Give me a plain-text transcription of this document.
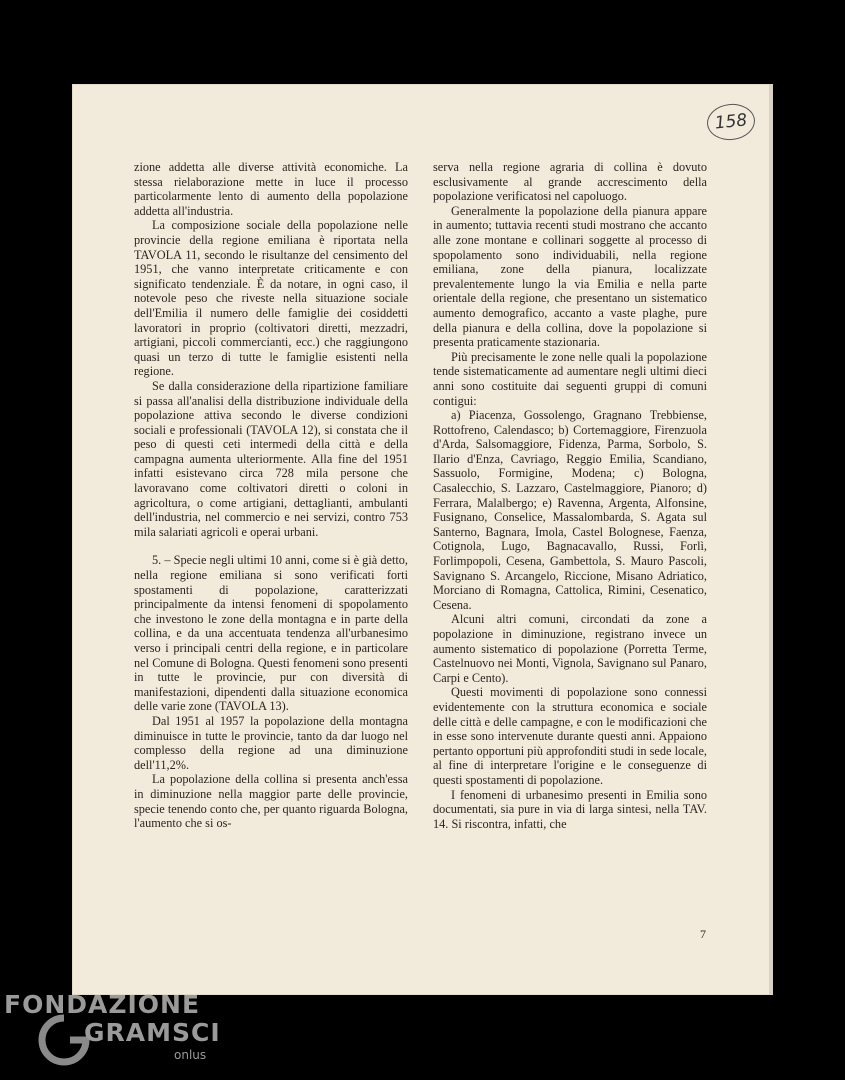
158

zione addetta alle diverse attività economiche. La stessa rielaborazione mette in luce il processo particolarmente lento di aumento della popolazione addetta all'industria.

La composizione sociale della popolazione nelle provincie della regione emiliana è riportata nella TAVOLA 11, secondo le risultanze del censimento del 1951, che vanno interpretate criticamente e con significato tendenziale. È da notare, in ogni caso, il notevole peso che riveste nella situazione sociale dell'Emilia il numero delle famiglie dei cosiddetti lavoratori in proprio (coltivatori diretti, mezzadri, artigiani, piccoli commercianti, ecc.) che raggiungono quasi un terzo di tutte le famiglie esistenti nella regione.

Se dalla considerazione della ripartizione familiare si passa all'analisi della distribuzione individuale della popolazione attiva secondo le diverse condizioni sociali e professionali (TAVOLA 12), si constata che il peso di questi ceti intermedi della città e della campagna aumenta ulteriormente. Alla fine del 1951 infatti esistevano circa 728 mila persone che lavoravano come coltivatori diretti o coloni in agricoltura, o come artigiani, dettaglianti, ambulanti dell'industria, nel commercio e nei servizi, contro 753 mila salariati agricoli e operai urbani.

5. – Specie negli ultimi 10 anni, come si è già detto, nella regione emiliana si sono verificati forti spostamenti di popolazione, caratterizzati principalmente da intensi fenomeni di spopolamento che investono le zone della montagna e in parte della collina, e da una accentuata tendenza all'urbanesimo verso i principali centri della regione, e in particolare nel Comune di Bologna. Questi fenomeni sono presenti in tutte le provincie, pur con diversità di manifestazioni, dipendenti dalla situazione economica delle varie zone (TAVOLA 13).

Dal 1951 al 1957 la popolazione della montagna diminuisce in tutte le provincie, tanto da dar luogo nel complesso della regione ad una diminuzione dell'11,2%.

La popolazione della collina si presenta anch'essa in diminuzione nella maggior parte delle provincie, specie tenendo conto che, per quanto riguarda Bologna, l'aumento che si os-

serva nella regione agraria di collina è dovuto esclusivamente al grande accrescimento della popolazione verificatosi nel capoluogo.

Generalmente la popolazione della pianura appare in aumento; tuttavia recenti studi mostrano che accanto alle zone montane e collinari soggette al processo di spopolamento sono individuabili, nella regione emiliana, zone della pianura, localizzate prevalentemente lungo la via Emilia e nella parte orientale della regione, che presentano un sistematico aumento demografico, accanto a vaste plaghe, pure della pianura e della collina, dove la popolazione si presenta praticamente stazionaria.

Più precisamente le zone nelle quali la popolazione tende sistematicamente ad aumentare negli ultimi dieci anni sono costituite dai seguenti gruppi di comuni contigui:

a) Piacenza, Gossolengo, Gragnano Trebbiense, Rottofreno, Calendasco; b) Cortemaggiore, Firenzuola d'Arda, Salsomaggiore, Fidenza, Parma, Sorbolo, S. Ilario d'Enza, Cavriago, Reggio Emilia, Scandiano, Sassuolo, Formigine, Modena; c) Bologna, Casalecchio, S. Lazzaro, Castelmaggiore, Pianoro; d) Ferrara, Malalbergo; e) Ravenna, Argenta, Alfonsine, Fusignano, Conselice, Massalombarda, S. Agata sul Santerno, Bagnara, Imola, Castel Bolognese, Faenza, Cotignola, Lugo, Bagnacavallo, Russi, Forlì, Forlimpopoli, Cesena, Gambettola, S. Mauro Pascoli, Savignano S. Arcangelo, Riccione, Misano Adriatico, Morciano di Romagna, Cattolica, Rimini, Cesenatico, Cesena.

Alcuni altri comuni, circondati da zone a popolazione in diminuzione, registrano invece un aumento sistematico di popolazione (Porretta Terme, Castelnuovo nei Monti, Vignola, Savignano sul Panaro, Carpi e Cento).

Questi movimenti di popolazione sono connessi evidentemente con la struttura economica e sociale delle città e delle campagne, e con le modificazioni che in esse sono intervenute durante questi anni. Appaiono pertanto opportuni più approfonditi studi in sede locale, al fine di interpretare l'origine e le conseguenze di questi spostamenti di popolazione.

I fenomeni di urbanesimo presenti in Emilia sono documentati, sia pure in via di larga sintesi, nella TAV. 14. Si riscontra, infatti, che

7
FONDAZIONE
GRAMSCI
onlus
